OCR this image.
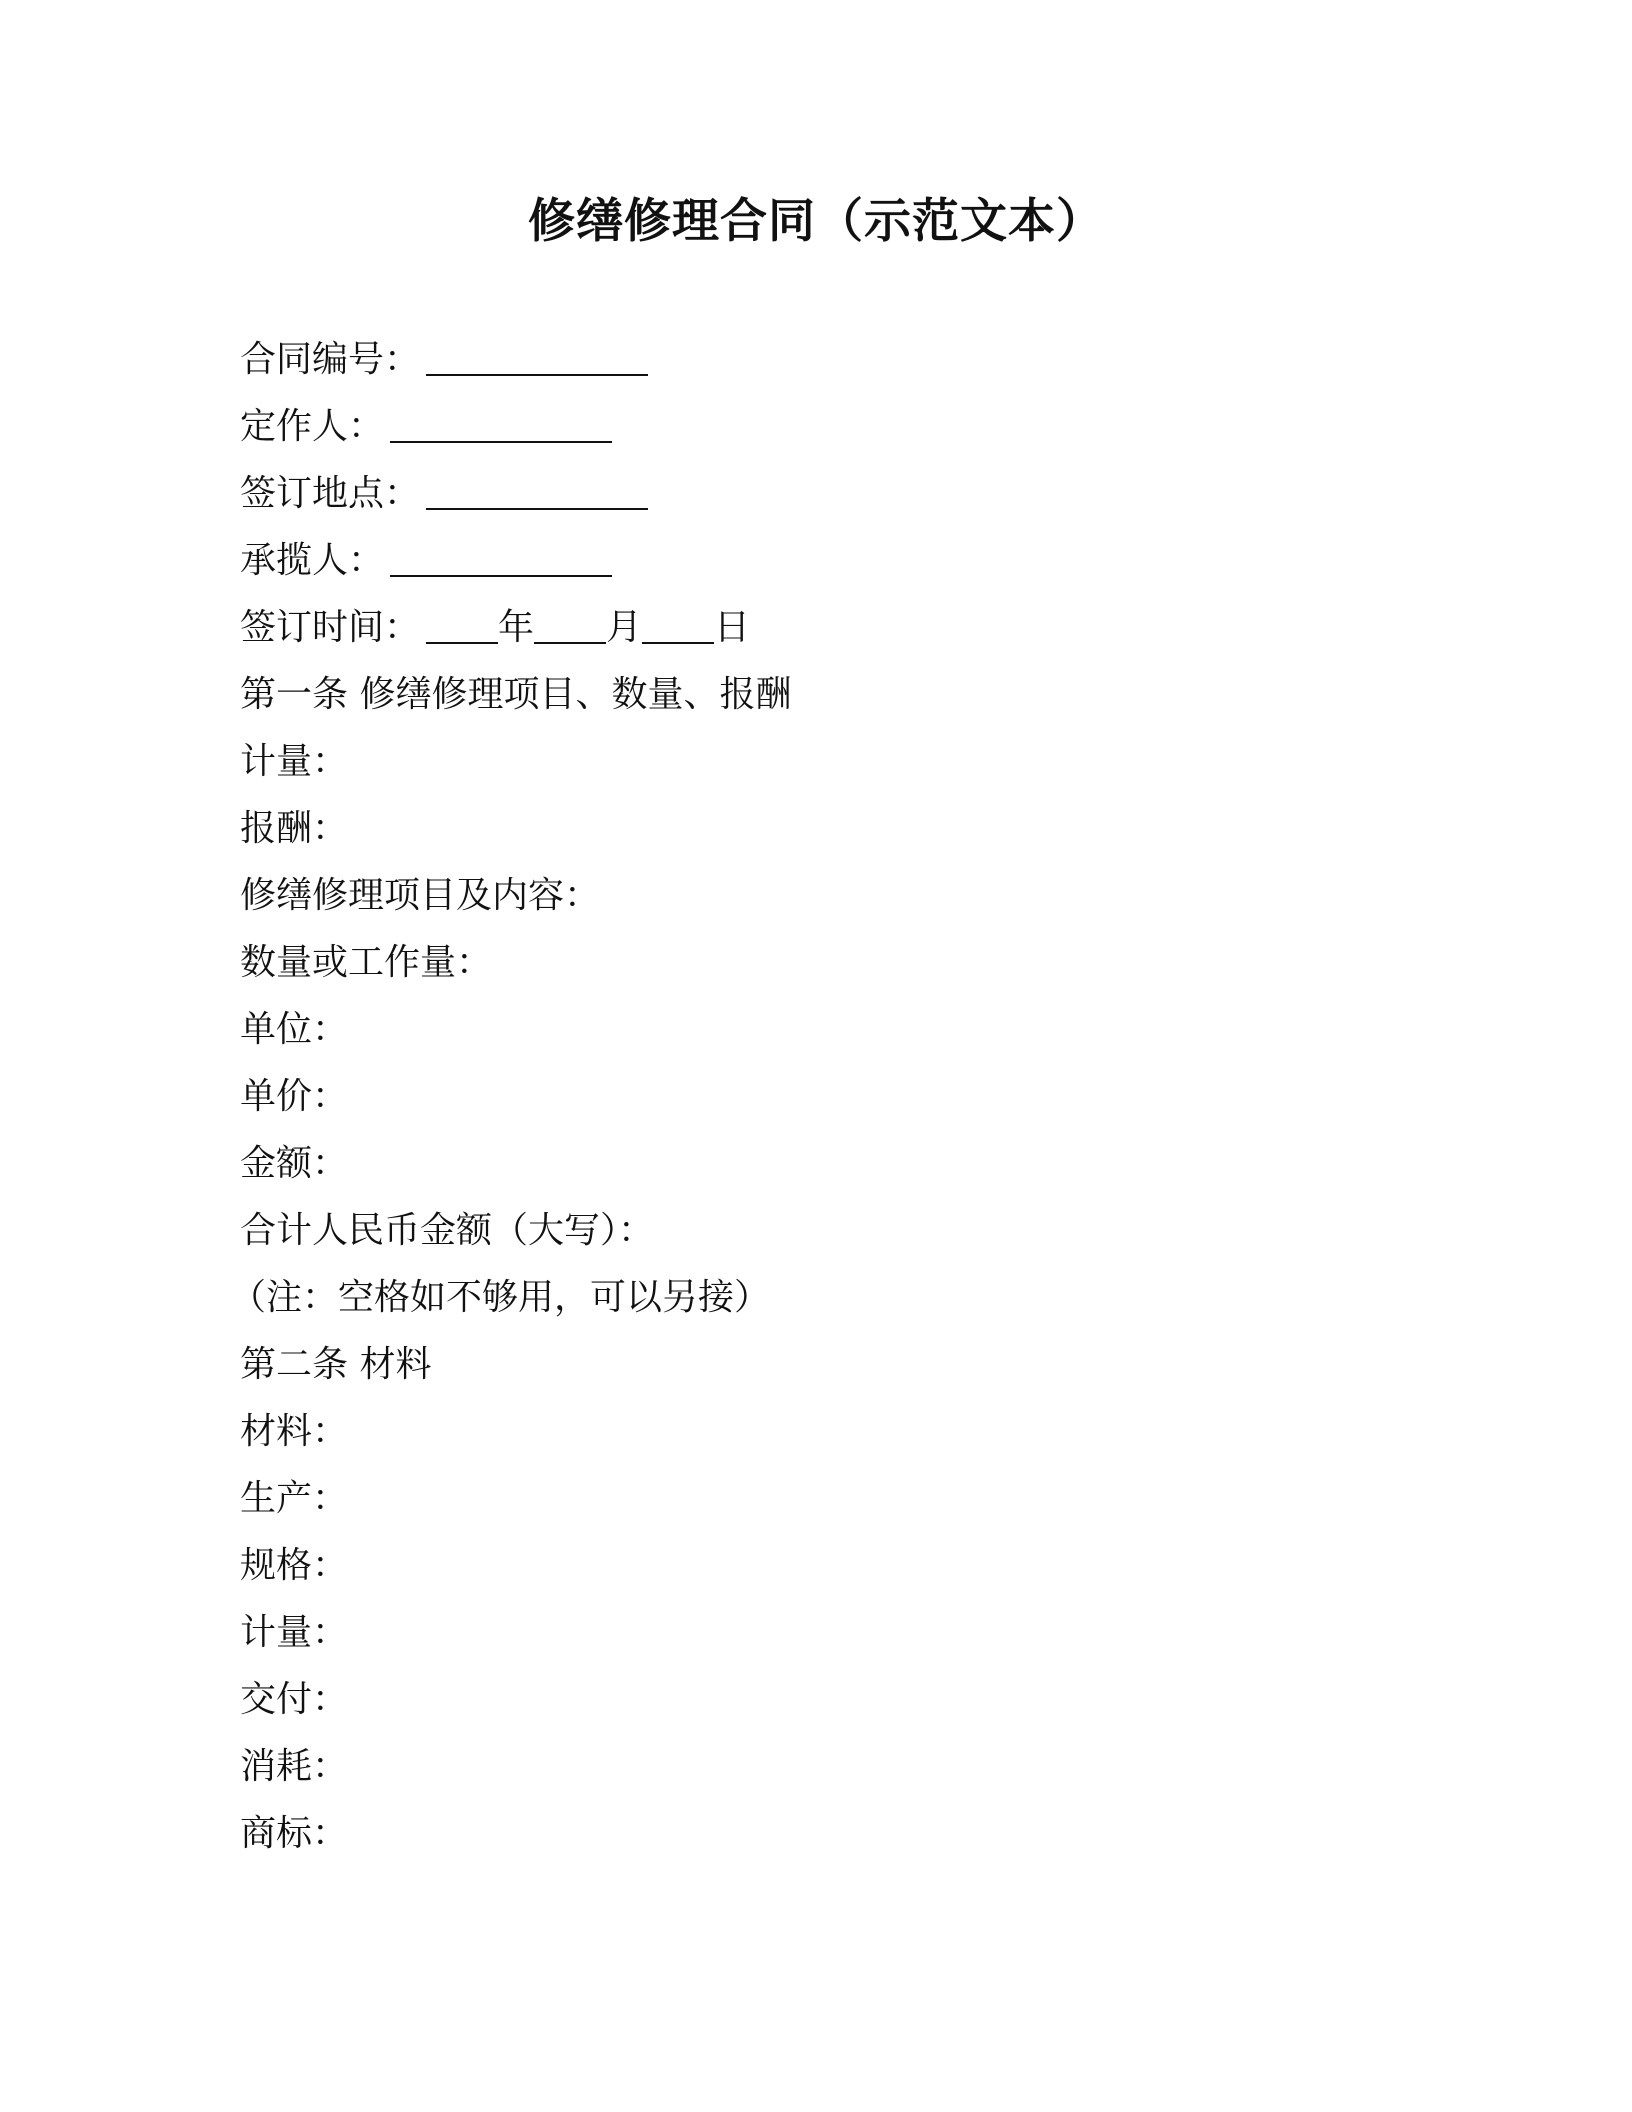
修缮修理合同（示范文本）
合同编号：
定作人：
签订地点：
承揽人：
签订时间： 年 月 日
第一条 修缮修理项目、数量、报酬
计量：
报酬：
修缮修理项目及内容：
数量或工作量：
单位：
单价：
金额：
合计人民币金额（大写）：
（注：空格如不够用，可以另接）
第二条 材料
材料：
生产：
规格：
计量：
交付：
消耗：
商标：
